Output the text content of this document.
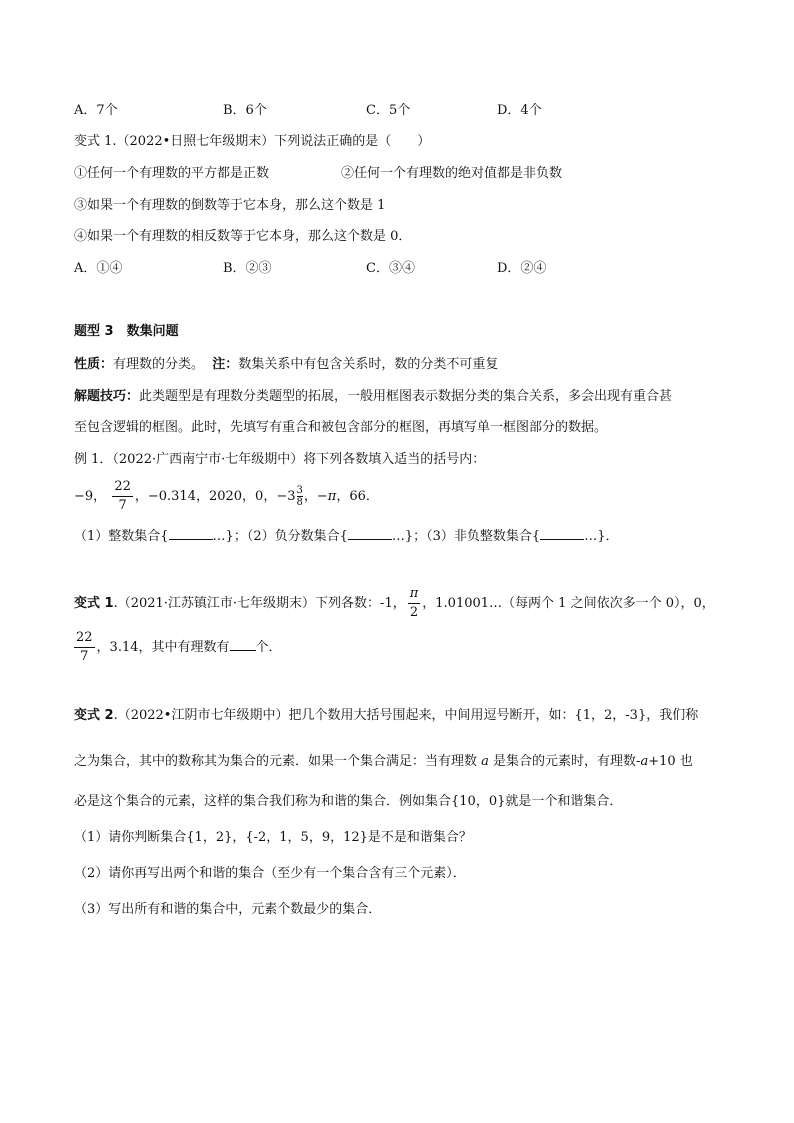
A．7个	B．6个	C．5个	D．4个
变式 1.（2022•日照七年级期末）下列说法正确的是（　　）
①任何一个有理数的平方都是正数	②任何一个有理数的绝对值都是非负数
③如果一个有理数的倒数等于它本身，那么这个数是 1
④如果一个有理数的相反数等于它本身，那么这个数是 0．
A．①④	B．②③	C．③④	D．②④
题型 3　数集问题
性质：有理数的分类。 注：数集关系中有包含关系时，数的分类不可重复
解题技巧：此类题型是有理数分类题型的拓展，一般用框图表示数据分类的集合关系，多会出现有重合甚
至包含逻辑的框图。此时，先填写有重合和被包含部分的框图，再填写单一框图部分的数据。
例 1．（2022·广西南宁市·七年级期中）将下列各数填入适当的括号内：
−9， $\frac{22}{7}$ ，−0.314，2020，0，$-3 \frac{3}{8}$ ，−π，66．
（1）整数集合{	…}；（2）负分数集合{	…}；（3）非负整数集合{	…}．
变式 1.（2021·江苏镇江市·七年级期末）下列各数：-1， $\frac{\pi}{2}$ ，1.01001…（每两个 1 之间依次多一个 0），0，
$\frac{22}{7}$ ，3.14，其中有理数有 个．
变式 2.（2022•江阴市七年级期中）把几个数用大括号围起来，中间用逗号断开，如：{1，2，-3}，我们称
之为集合，其中的数称其为集合的元素．如果一个集合满足：当有理数 a 是集合的元素时，有理数-a+10 也
必是这个集合的元素，这样的集合我们称为和谐的集合．例如集合{10，0}就是一个和谐集合．
（1）请你判断集合{1，2}，{-2，1，5，9，12}是不是和谐集合？
（2）请你再写出两个和谐的集合（至少有一个集合含有三个元素）．
（3）写出所有和谐的集合中，元素个数最少的集合．
